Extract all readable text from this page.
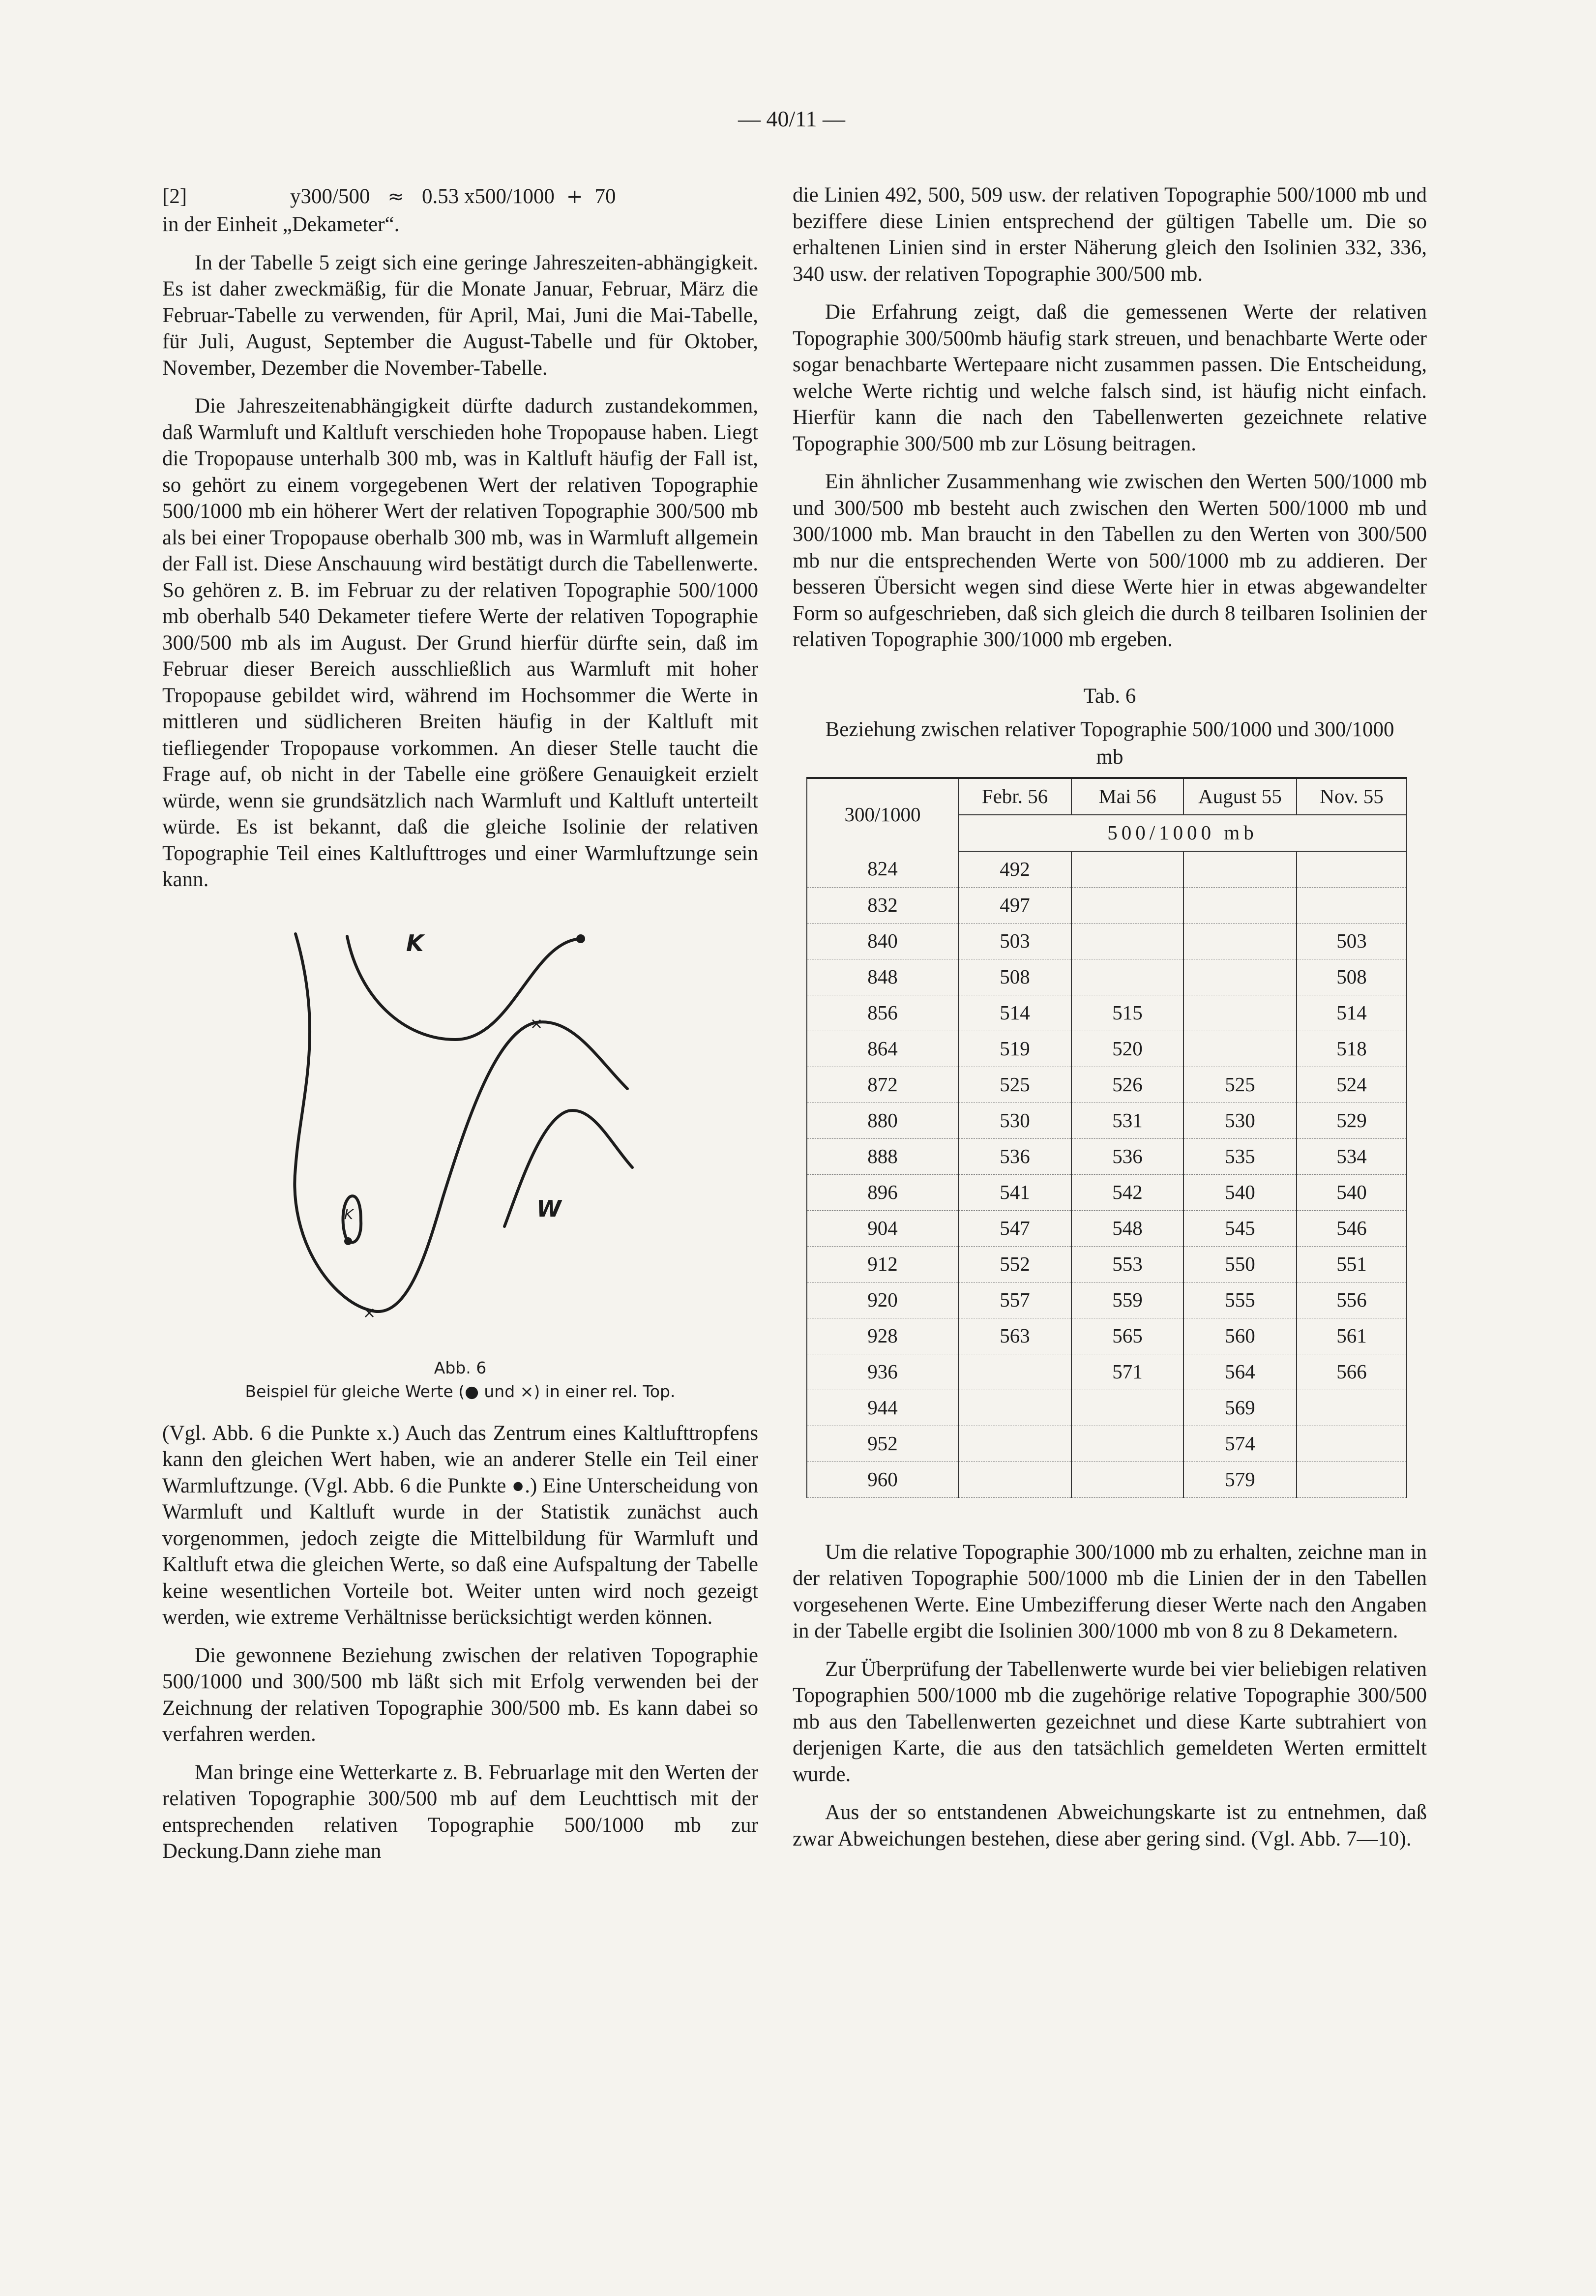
— 40/11 —
[2]	y300/500 ≈ 0.53 x500/1000 + 70

in der Einheit „Dekameter“.

In der Tabelle 5 zeigt sich eine geringe Jahreszeiten-abhängigkeit. Es ist daher zweckmäßig, für die Monate Januar, Februar, März die Februar-Tabelle zu verwenden, für April, Mai, Juni die Mai-Tabelle, für Juli, August, September die August-Tabelle und für Oktober, November, Dezember die November-Tabelle.

Die Jahreszeitenabhängigkeit dürfte dadurch zustandekommen, daß Warmluft und Kaltluft verschieden hohe Tropopause haben. Liegt die Tropopause unterhalb 300 mb, was in Kaltluft häufig der Fall ist, so gehört zu einem vorgegebenen Wert der relativen Topographie 500/1000 mb ein höherer Wert der relativen Topographie 300/500 mb als bei einer Tropopause oberhalb 300 mb, was in Warmluft allgemein der Fall ist. Diese Anschauung wird bestätigt durch die Tabellenwerte. So gehören z. B. im Februar zu der relativen Topographie 500/1000 mb oberhalb 540 Dekameter tiefere Werte der relativen Topographie 300/500 mb als im August. Der Grund hierfür dürfte sein, daß im Februar dieser Bereich ausschließlich aus Warmluft mit hoher Tropopause gebildet wird, während im Hochsommer die Werte in mittleren und südlicheren Breiten häufig in der Kaltluft mit tiefliegender Tropopause vorkommen. An dieser Stelle taucht die Frage auf, ob nicht in der Tabelle eine größere Genauigkeit erzielt würde, wenn sie grundsätzlich nach Warmluft und Kaltluft unterteilt würde. Es ist bekannt, daß die gleiche Isolinie der relativen Topographie Teil eines Kaltlufttroges und einer Warmluftzunge sein kann.

×
×
K
K	W
Abb. 6
Beispiel für gleiche Werte (● und ×) in einer rel. Top.

(Vgl. Abb. 6 die Punkte x.) Auch das Zentrum eines Kaltlufttropfens kann den gleichen Wert haben, wie an anderer Stelle ein Teil einer Warmluftzunge. (Vgl. Abb. 6 die Punkte ●.) Eine Unterscheidung von Warmluft und Kaltluft wurde in der Statistik zunächst auch vorgenommen, jedoch zeigte die Mittelbildung für Warmluft und Kaltluft etwa die gleichen Werte, so daß eine Aufspaltung der Tabelle keine wesentlichen Vorteile bot. Weiter unten wird noch gezeigt werden, wie extreme Verhältnisse berücksichtigt werden können.

Die gewonnene Beziehung zwischen der relativen Topographie 500/1000 und 300/500 mb läßt sich mit Erfolg verwenden bei der Zeichnung der relativen Topographie 300/500 mb. Es kann dabei so verfahren werden.

Man bringe eine Wetterkarte z. B. Februarlage mit den Werten der relativen Topographie 300/500 mb auf dem Leuchttisch mit der entsprechenden relativen Topographie 500/1000 mb zur Deckung.Dann ziehe man

die Linien 492, 500, 509 usw. der relativen Topographie 500/1000 mb und beziffere diese Linien entsprechend der gültigen Tabelle um. Die so erhaltenen Linien sind in erster Näherung gleich den Isolinien 332, 336, 340 usw. der relativen Topographie 300/500 mb.

Die Erfahrung zeigt, daß die gemessenen Werte der relativen Topographie 300/500mb häufig stark streuen, und benachbarte Werte oder sogar benachbarte Wertepaare nicht zusammen passen. Die Entscheidung, welche Werte richtig und welche falsch sind, ist häufig nicht einfach. Hierfür kann die nach den Tabellenwerten gezeichnete relative Topographie 300/500 mb zur Lösung beitragen.

Ein ähnlicher Zusammenhang wie zwischen den Werten 500/1000 mb und 300/500 mb besteht auch zwischen den Werten 500/1000 mb und 300/1000 mb. Man braucht in den Tabellen zu den Werten von 300/500 mb nur die entsprechenden Werte von 500/1000 mb zu addieren. Der besseren Übersicht wegen sind diese Werte hier in etwas abgewandelter Form so aufgeschrieben, daß sich gleich die durch 8 teilbaren Isolinien der relativen Topographie 300/1000 mb ergeben.

Tab. 6
Beziehung zwischen relativer Topographie 500/1000 und 300/1000 mb
300/1000	Febr. 56	Mai 56	August 55	Nov. 55
	500/1000 mb			
824	492			
832	497			
840	503			503
848	508			508
856	514	515		514
864	519	520		518
872	525	526	525	524
880	530	531	530	529
888	536	536	535	534
896	541	542	540	540
904	547	548	545	546
912	552	553	550	551
920	557	559	555	556
928	563	565	560	561
936		571	564	566
944			569	
952			574	
960			579	

Um die relative Topographie 300/1000 mb zu erhalten, zeichne man in der relativen Topographie 500/1000 mb die Linien der in den Tabellen vorgesehenen Werte. Eine Umbezifferung dieser Werte nach den Angaben in der Tabelle ergibt die Isolinien 300/1000 mb von 8 zu 8 Dekametern.

Zur Überprüfung der Tabellenwerte wurde bei vier beliebigen relativen Topographien 500/1000 mb die zugehörige relative Topographie 300/500 mb aus den Tabellenwerten gezeichnet und diese Karte subtrahiert von derjenigen Karte, die aus den tatsächlich gemeldeten Werten ermittelt wurde.

Aus der so entstandenen Abweichungskarte ist zu entnehmen, daß zwar Abweichungen bestehen, diese aber gering sind. (Vgl. Abb. 7—10).
